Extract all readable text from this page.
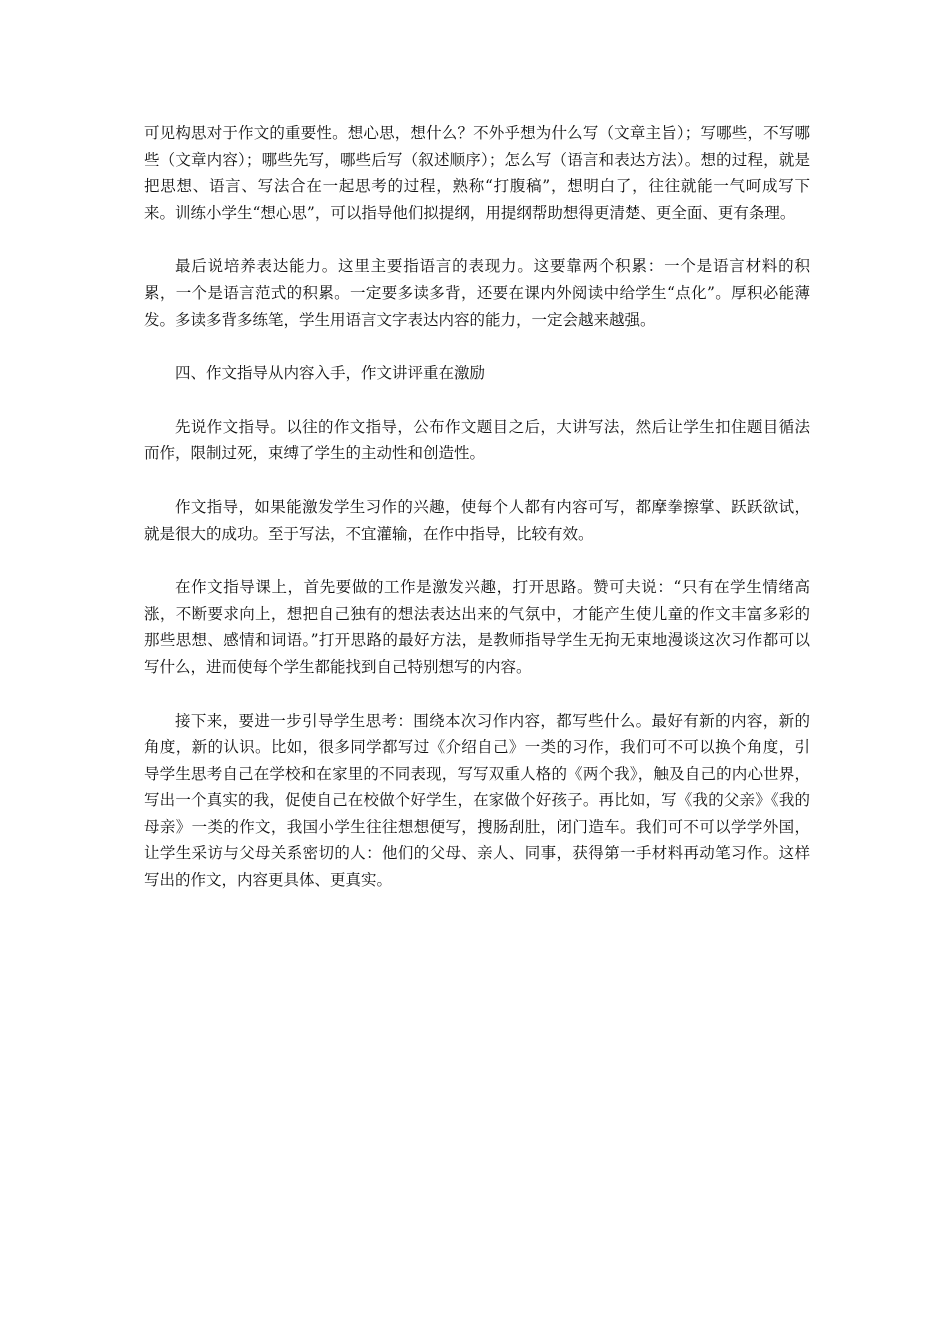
可见构思对于作文的重要性。想心思，想什么？不外乎想为什么写（文章主旨）；写哪些，不写哪些（文章内容）；哪些先写，哪些后写（叙述顺序）；怎么写（语言和表达方法）。想的过程，就是把思想、语言、写法合在一起思考的过程，熟称“打腹稿”，想明白了，往往就能一气呵成写下来。训练小学生“想心思”，可以指导他们拟提纲，用提纲帮助想得更清楚、更全面、更有条理。

最后说培养表达能力。这里主要指语言的表现力。这要靠两个积累：一个是语言材料的积累，一个是语言范式的积累。一定要多读多背，还要在课内外阅读中给学生“点化”。厚积必能薄发。多读多背多练笔，学生用语言文字表达内容的能力，一定会越来越强。

四、作文指导从内容入手，作文讲评重在激励

先说作文指导。以往的作文指导，公布作文题目之后，大讲写法，然后让学生扣住题目循法而作，限制过死，束缚了学生的主动性和创造性。

作文指导，如果能激发学生习作的兴趣，使每个人都有内容可写，都摩拳擦掌、跃跃欲试，就是很大的成功。至于写法，不宜灌输，在作中指导，比较有效。

在作文指导课上，首先要做的工作是激发兴趣，打开思路。赞可夫说：“只有在学生情绪高涨，不断要求向上，想把自己独有的想法表达出来的气氛中，才能产生使儿童的作文丰富多彩的那些思想、感情和词语。”打开思路的最好方法，是教师指导学生无拘无束地漫谈这次习作都可以写什么，进而使每个学生都能找到自己特别想写的内容。

接下来，要进一步引导学生思考：围绕本次习作内容，都写些什么。最好有新的内容，新的角度，新的认识。比如，很多同学都写过《介绍自己》一类的习作，我们可不可以换个角度，引导学生思考自己在学校和在家里的不同表现，写写双重人格的《两个我》，触及自己的内心世界，写出一个真实的我，促使自己在校做个好学生，在家做个好孩子。再比如，写《我的父亲》《我的母亲》一类的作文，我国小学生往往想想便写，搜肠刮肚，闭门造车。我们可不可以学学外国，让学生采访与父母关系密切的人：他们的父母、亲人、同事，获得第一手材料再动笔习作。这样写出的作文，内容更具体、更真实。
